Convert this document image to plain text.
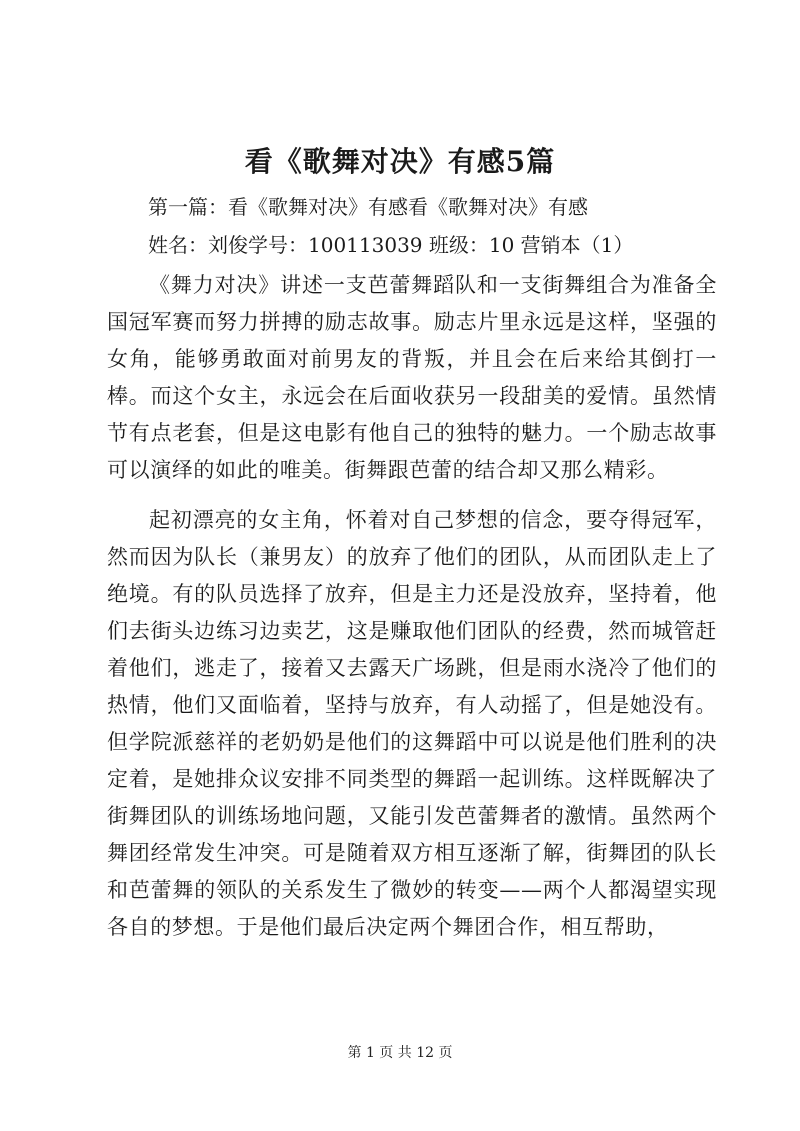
看《歌舞对决》有感5篇

第一篇：看《歌舞对决》有感看《歌舞对决》有感

姓名：刘俊学号：100113039 班级：10 营销本（1）

《舞力对决》讲述一支芭蕾舞蹈队和一支街舞组合为准备全国冠军赛而努力拼搏的励志故事。励志片里永远是这样，坚强的女角，能够勇敢面对前男友的背叛，并且会在后来给其倒打一棒。而这个女主，永远会在后面收获另一段甜美的爱情。虽然情节有点老套，但是这电影有他自己的独特的魅力。一个励志故事可以演绎的如此的唯美。街舞跟芭蕾的结合却又那么精彩。

起初漂亮的女主角，怀着对自己梦想的信念，要夺得冠军，然而因为队长（兼男友）的放弃了他们的团队，从而团队走上了绝境。有的队员选择了放弃，但是主力还是没放弃，坚持着，他们去街头边练习边卖艺，这是赚取他们团队的经费，然而城管赶着他们，逃走了，接着又去露天广场跳，但是雨水浇冷了他们的热情，他们又面临着，坚持与放弃，有人动摇了，但是她没有。但学院派慈祥的老奶奶是他们的这舞蹈中可以说是他们胜利的决定着，是她排众议安排不同类型的舞蹈一起训练。这样既解决了街舞团队的训练场地问题，又能引发芭蕾舞者的激情。虽然两个舞团经常发生冲突。可是随着双方相互逐渐了解，街舞团的队长和芭蕾舞的领队的关系发生了微妙的转变——两个人都渴望实现各自的梦想。于是他们最后决定两个舞团合作，相互帮助，

第 1 页 共 12 页
